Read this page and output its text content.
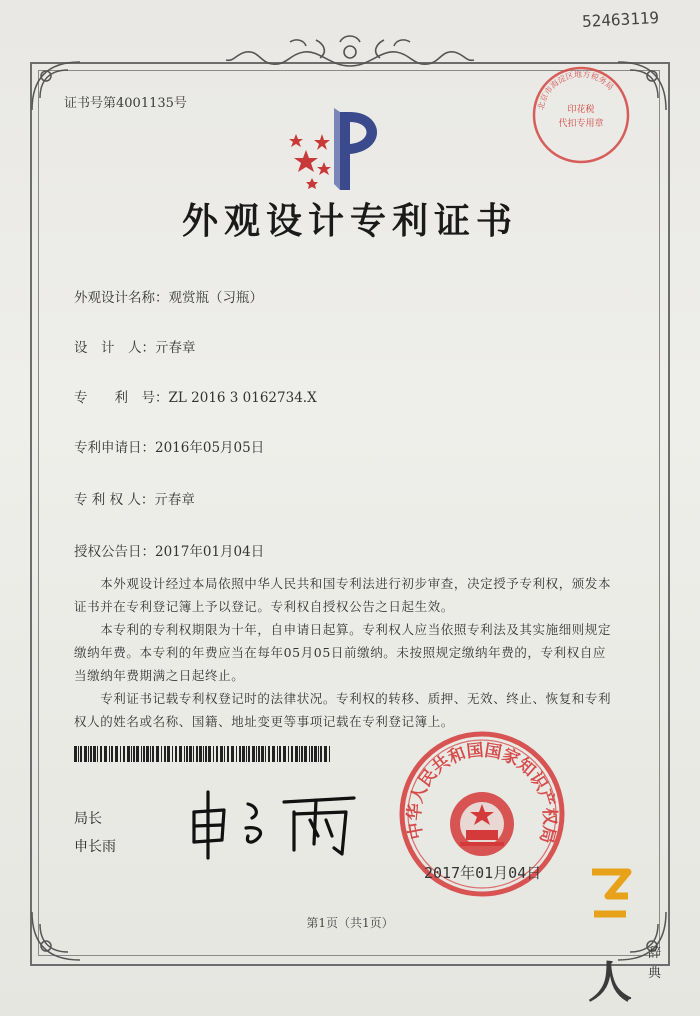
52463119
证书号第4001135号
外观设计专利证书
外观设计名称：观赏瓶（习瓶）
设　计　人：亓春章
专　　利　号：ZL 2016 3 0162734.X
专利申请日：2016年05月05日
专 利 权 人：亓春章
授权公告日：2017年01月04日

　　本外观设计经过本局依照中华人民共和国专利法进行初步审查，决定授予专利权，颁发本证书并在专利登记簿上予以登记。专利权自授权公告之日起生效。

　　本专利的专利权期限为十年，自申请日起算。专利权人应当依照专利法及其实施细则规定缴纳年费。本专利的年费应当在每年05月05日前缴纳。未按照规定缴纳年费的，专利权自应当缴纳年费期满之日起终止。

　　专利证书记载专利权登记时的法律状况。专利权的转移、质押、无效、终止、恢复和专利权人的姓名或名称、国籍、地址变更等事项记载在专利登记簿上。

局长
申长雨
北京市海淀区地方税务局
印花税
代扣专用章
中华人民共和国国家知识产权局
2017年01月04日
第1页（共1页）
人
辞典
